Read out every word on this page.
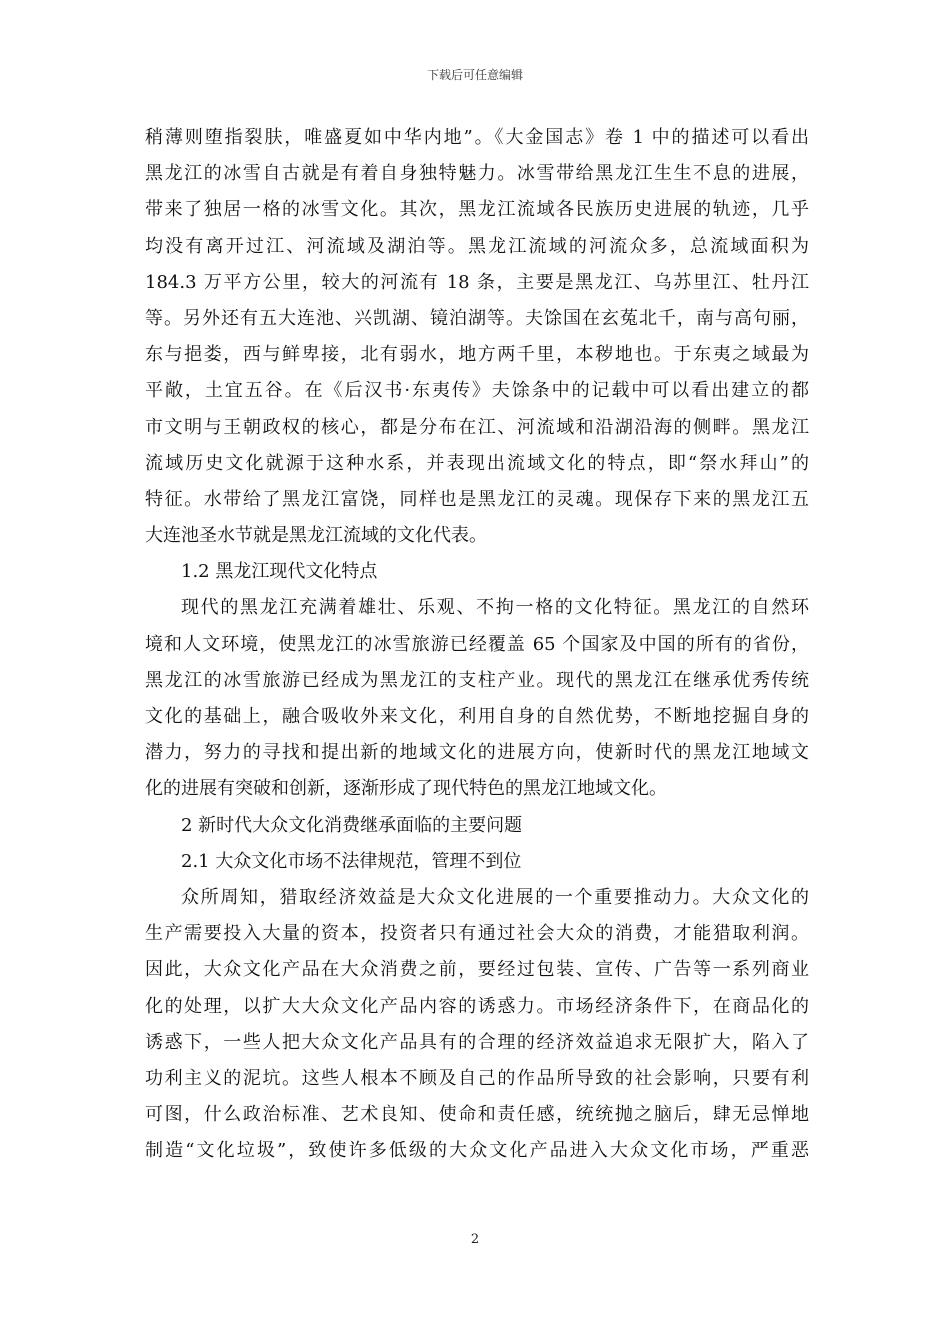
下载后可任意编辑
稍薄则堕指裂肤，唯盛夏如中华内地”。《大金国志》卷 1 中的描述可以看出
黑龙江的冰雪自古就是有着自身独特魅力。冰雪带给黑龙江生生不息的进展，
带来了独居一格的冰雪文化。其次，黑龙江流域各民族历史进展的轨迹，几乎
均没有离开过江、河流域及湖泊等。黑龙江流域的河流众多，总流域面积为
184.3 万平方公里，较大的河流有 18 条，主要是黑龙江、乌苏里江、牡丹江
等。另外还有五大连池、兴凯湖、镜泊湖等。夫馀国在玄菟北千，南与高句丽，
东与挹娄，西与鲜卑接，北有弱水，地方两千里，本秽地也。于东夷之域最为
平敞，土宜五谷。在《后汉书·东夷传》夫馀条中的记载中可以看出建立的都
市文明与王朝政权的核心，都是分布在江、河流域和沿湖沿海的侧畔。黑龙江
流域历史文化就源于这种水系，并表现出流域文化的特点，即“祭水拜山”的
特征。水带给了黑龙江富饶，同样也是黑龙江的灵魂。现保存下来的黑龙江五
大连池圣水节就是黑龙江流域的文化代表。
1.2 黑龙江现代文化特点
现代的黑龙江充满着雄壮、乐观、不拘一格的文化特征。黑龙江的自然环
境和人文环境，使黑龙江的冰雪旅游已经覆盖 65 个国家及中国的所有的省份，
黑龙江的冰雪旅游已经成为黑龙江的支柱产业。现代的黑龙江在继承优秀传统
文化的基础上，融合吸收外来文化，利用自身的自然优势，不断地挖掘自身的
潜力，努力的寻找和提出新的地域文化的进展方向，使新时代的黑龙江地域文
化的进展有突破和创新，逐渐形成了现代特色的黑龙江地域文化。
2 新时代大众文化消费继承面临的主要问题
2.1 大众文化市场不法律规范，管理不到位
众所周知，猎取经济效益是大众文化进展的一个重要推动力。大众文化的
生产需要投入大量的资本，投资者只有通过社会大众的消费，才能猎取利润。
因此，大众文化产品在大众消费之前，要经过包装、宣传、广告等一系列商业
化的处理，以扩大大众文化产品内容的诱惑力。市场经济条件下，在商品化的
诱惑下，一些人把大众文化产品具有的合理的经济效益追求无限扩大，陷入了
功利主义的泥坑。这些人根本不顾及自己的作品所导致的社会影响，只要有利
可图，什么政治标准、艺术良知、使命和责任感，统统抛之脑后，肆无忌惮地
制造“文化垃圾”，致使许多低级的大众文化产品进入大众文化市场，严重恶
2
